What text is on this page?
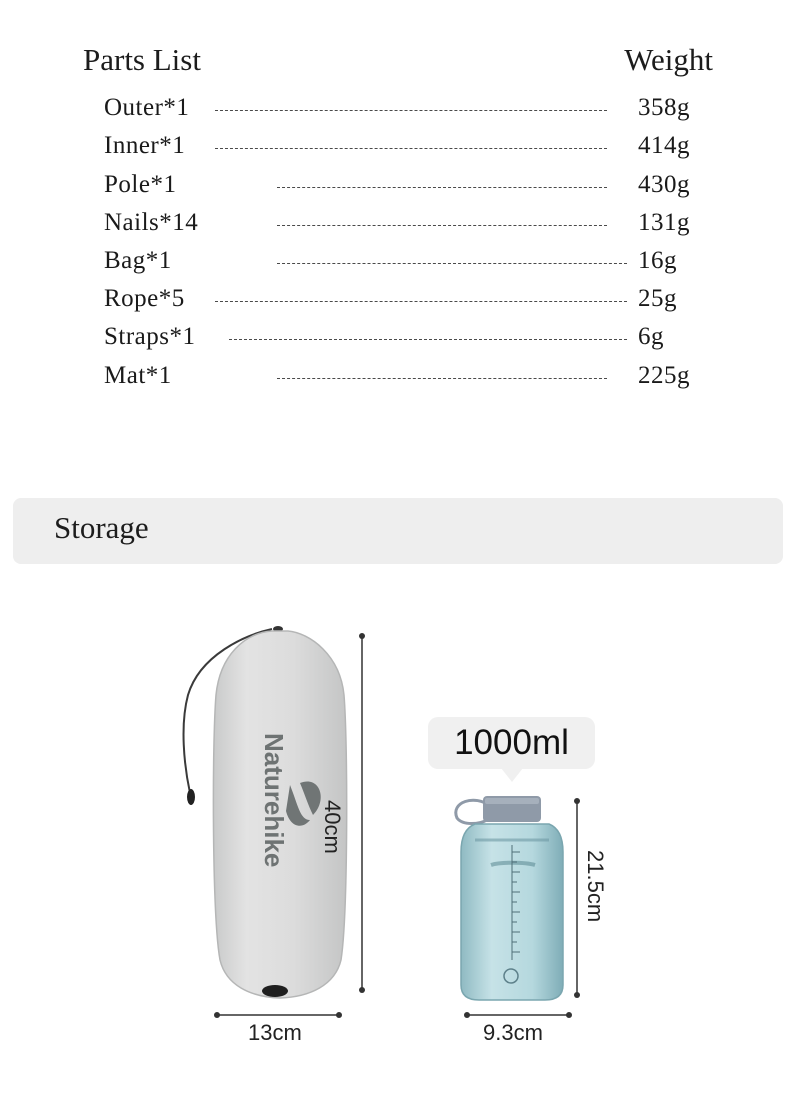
Parts List	Weight
Outer*1	358g
Inner*1	414g
Pole*1	430g
Nails*14	131g
Bag*1	16g
Rope*5	25g
Straps*1	6g
Mat*1	225g
Storage
Naturehike 40cm
13cm
1000ml
21.5cm
9.3cm
